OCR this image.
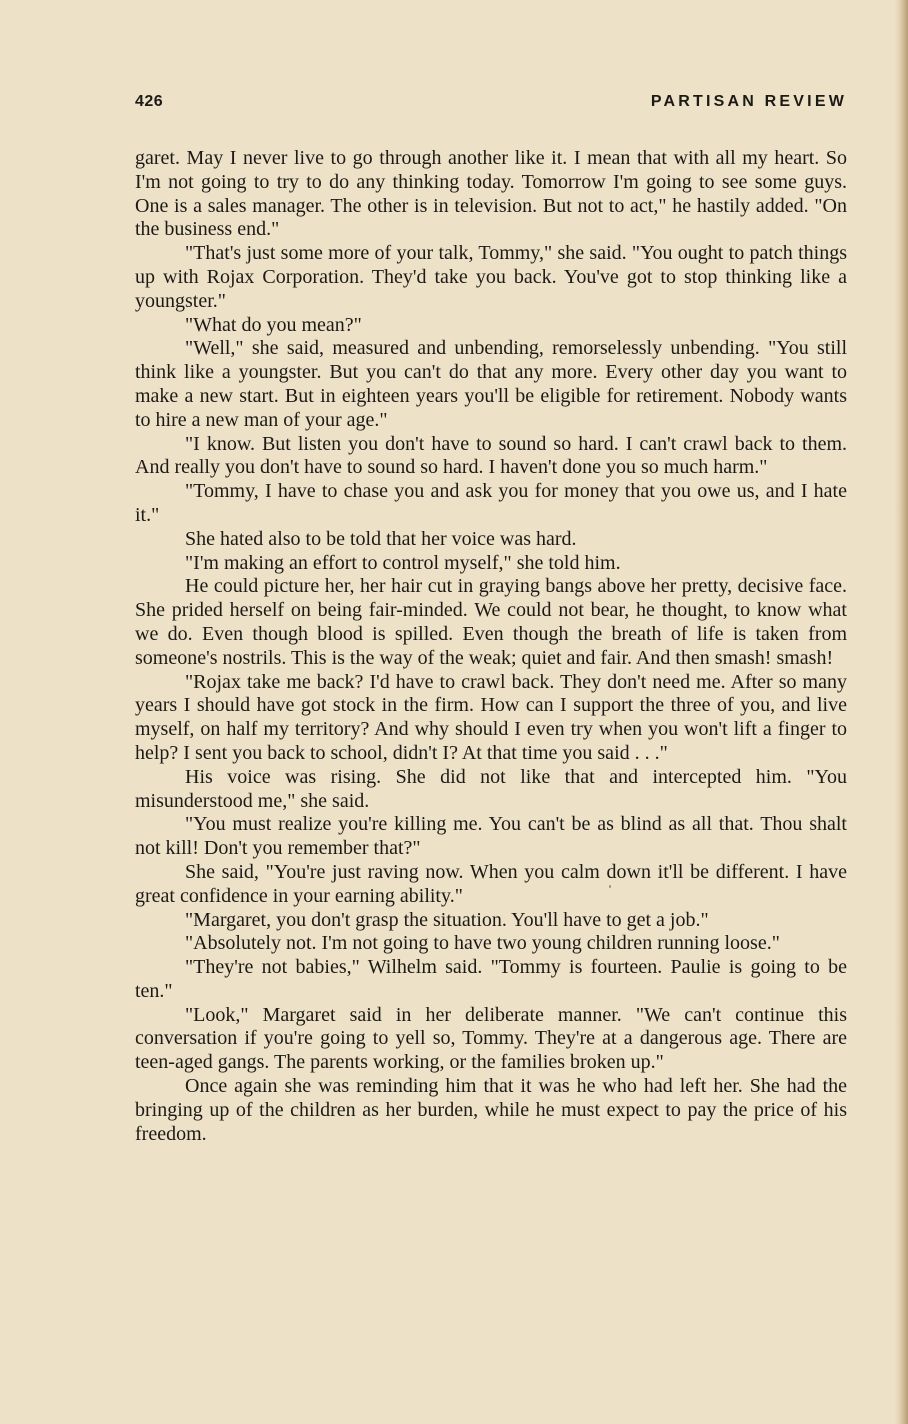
426	PARTISAN REVIEW

garet. May I never live to go through another like it. I mean that with all my heart. So I'm not going to try to do any thinking today. Tomorrow I'm going to see some guys. One is a sales manager. The other is in television. But not to act," he hastily added. "On the business end."

"That's just some more of your talk, Tommy," she said. "You ought to patch things up with Rojax Corporation. They'd take you back. You've got to stop thinking like a youngster."

"What do you mean?"

"Well," she said, measured and unbending, remorselessly unbending. "You still think like a youngster. But you can't do that any more. Every other day you want to make a new start. But in eighteen years you'll be eligible for retirement. Nobody wants to hire a new man of your age."

"I know. But listen you don't have to sound so hard. I can't crawl back to them. And really you don't have to sound so hard. I haven't done you so much harm."

"Tommy, I have to chase you and ask you for money that you owe us, and I hate it."

She hated also to be told that her voice was hard.

"I'm making an effort to control myself," she told him.

He could picture her, her hair cut in graying bangs above her pretty, decisive face. She prided herself on being fair-minded. We could not bear, he thought, to know what we do. Even though blood is spilled. Even though the breath of life is taken from someone's nostrils. This is the way of the weak; quiet and fair. And then smash! smash!

"Rojax take me back? I'd have to crawl back. They don't need me. After so many years I should have got stock in the firm. How can I support the three of you, and live myself, on half my territory? And why should I even try when you won't lift a finger to help? I sent you back to school, didn't I? At that time you said . . ."

His voice was rising. She did not like that and intercepted him. "You misunderstood me," she said.

"You must realize you're killing me. You can't be as blind as all that. Thou shalt not kill! Don't you remember that?"

She said, "You're just raving now. When you calm down it'll be different. I have great confidence in your earning ability."

"Margaret, you don't grasp the situation. You'll have to get a job."

"Absolutely not. I'm not going to have two young children running loose."

"They're not babies," Wilhelm said. "Tommy is fourteen. Paulie is going to be ten."

"Look," Margaret said in her deliberate manner. "We can't continue this conversation if you're going to yell so, Tommy. They're at a dangerous age. There are teen-aged gangs. The parents working, or the families broken up."

Once again she was reminding him that it was he who had left her. She had the bringing up of the children as her burden, while he must expect to pay the price of his freedom.
